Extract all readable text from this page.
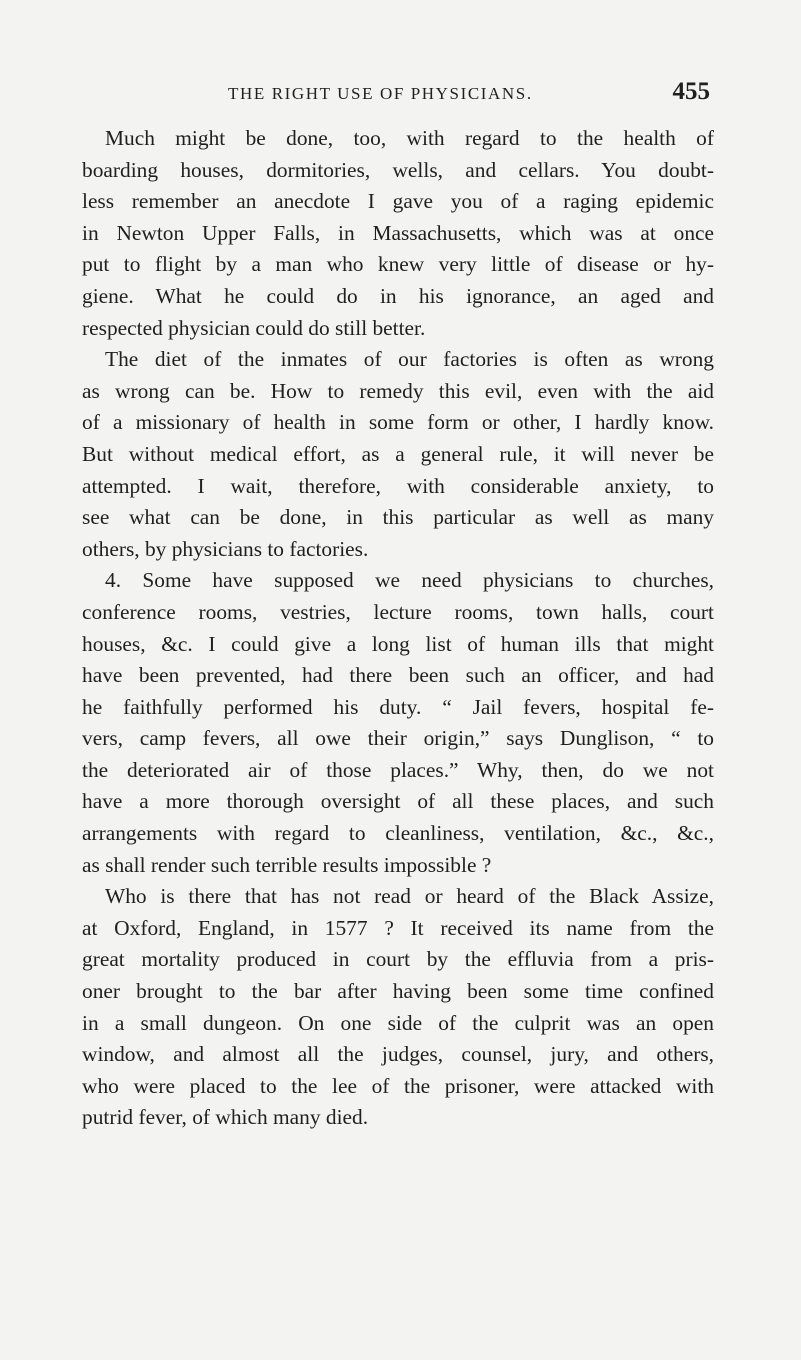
THE RIGHT USE OF PHYSICIANS.	455
Much might be done, too, with regard to the health of
boarding houses, dormitories, wells, and cellars. You doubt-
less remember an anecdote I gave you of a raging epidemic
in Newton Upper Falls, in Massachusetts, which was at once
put to flight by a man who knew very little of disease or hy-
giene. What he could do in his ignorance, an aged and
respected physician could do still better.
The diet of the inmates of our factories is often as wrong
as wrong can be. How to remedy this evil, even with the aid
of a missionary of health in some form or other, I hardly know.
But without medical effort, as a general rule, it will never be
attempted. I wait, therefore, with considerable anxiety, to
see what can be done, in this particular as well as many
others, by physicians to factories.
4. Some have supposed we need physicians to churches,
conference rooms, vestries, lecture rooms, town halls, court
houses, &c. I could give a long list of human ills that might
have been prevented, had there been such an officer, and had
he faithfully performed his duty. “ Jail fevers, hospital fe-
vers, camp fevers, all owe their origin,” says Dunglison, “ to
the deteriorated air of those places.” Why, then, do we not
have a more thorough oversight of all these places, and such
arrangements with regard to cleanliness, ventilation, &c., &c.,
as shall render such terrible results impossible ?
Who is there that has not read or heard of the Black Assize,
at Oxford, England, in 1577 ? It received its name from the
great mortality produced in court by the effluvia from a pris-
oner brought to the bar after having been some time confined
in a small dungeon. On one side of the culprit was an open
window, and almost all the judges, counsel, jury, and others,
who were placed to the lee of the prisoner, were attacked with
putrid fever, of which many died.
